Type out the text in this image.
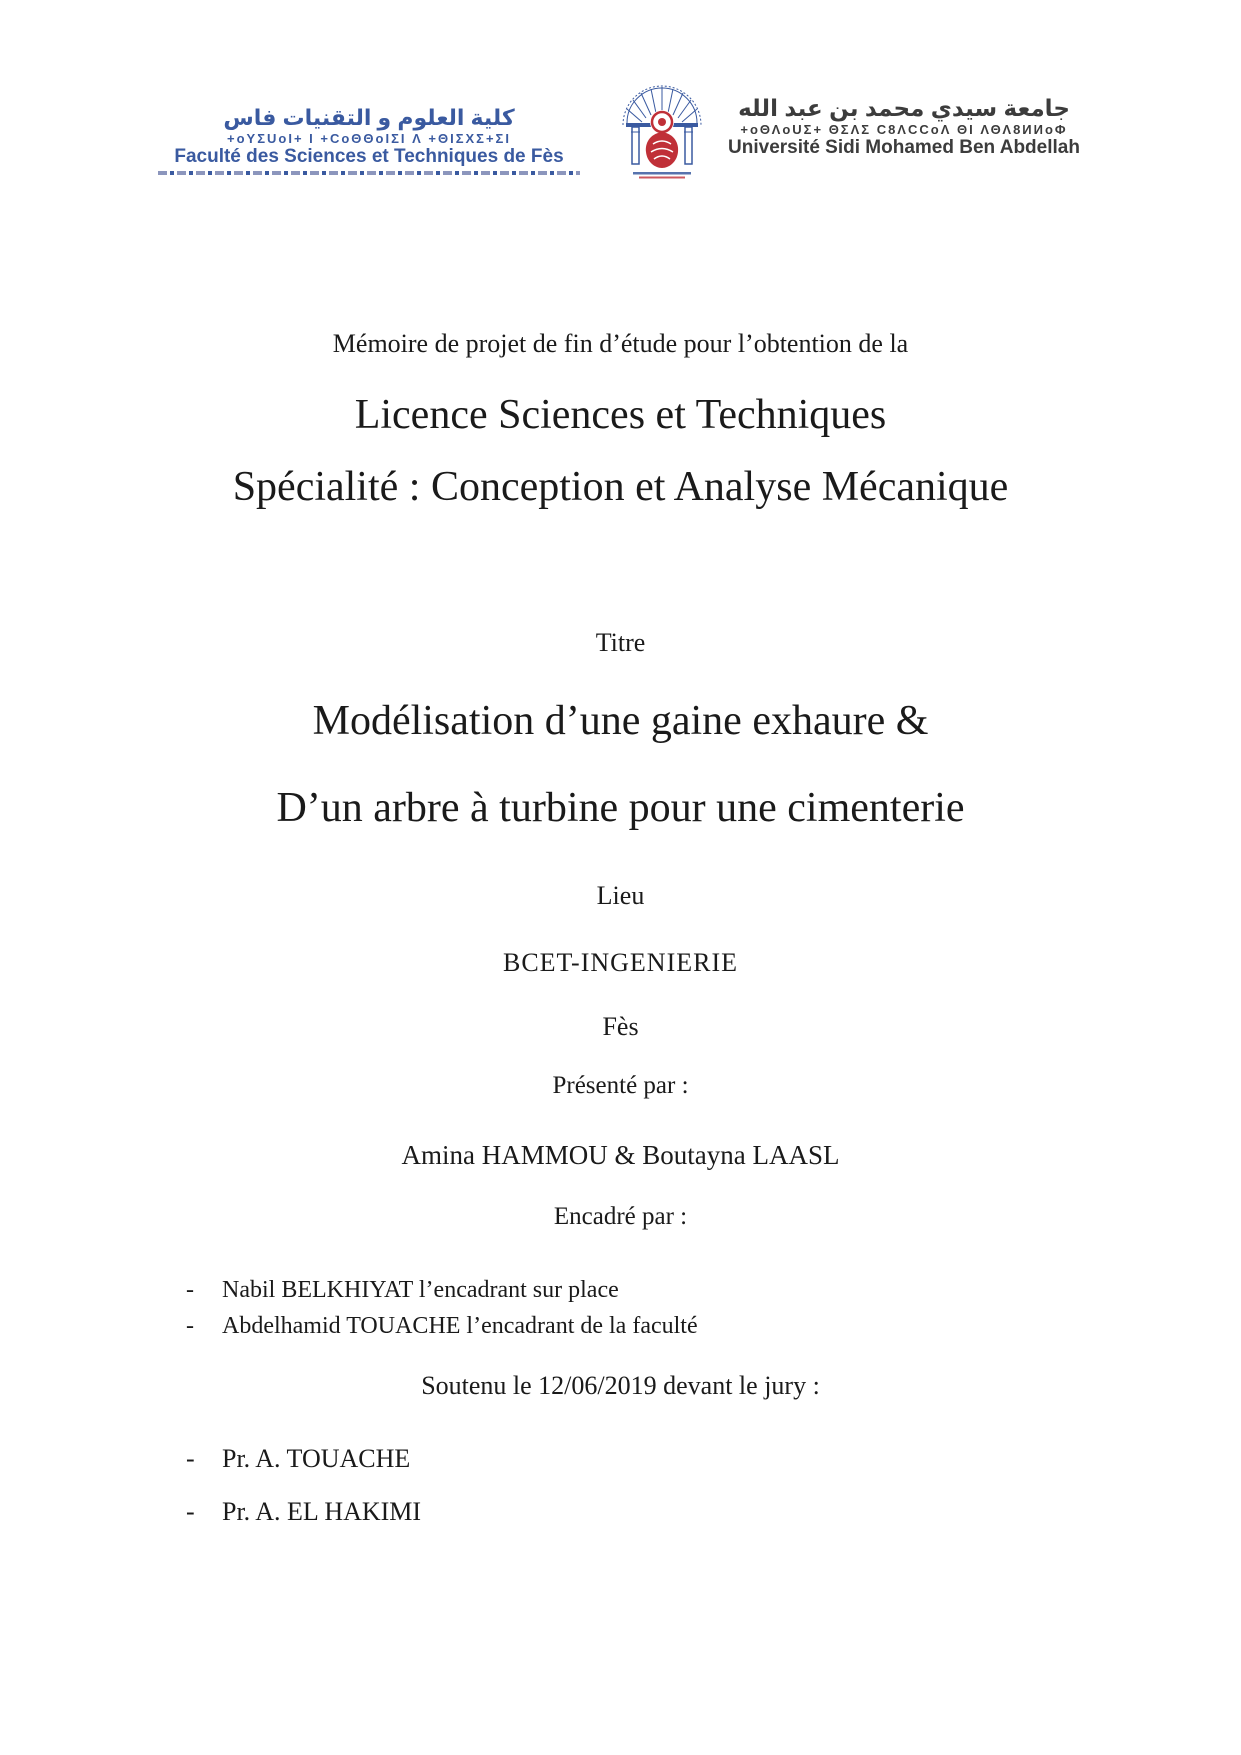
كلية العلوم و التقنيات فاس
+oYΣUoI+ I +CoΘΘoIΣI Λ +ΘIΣXΣ+ΣI
Faculté des Sciences et Techniques de Fès
جامعة سيدي محمد بن عبد الله
+oΘΛoUΣ+ ΘΣΛΣ C8ΛCCoΛ ΘI ΛΘΛ8ИИoΦ
Université Sidi Mohamed Ben Abdellah
Mémoire de projet de fin d’étude pour l’obtention de la
Licence Sciences et Techniques
Spécialité : Conception et Analyse Mécanique
Titre
Modélisation d’une gaine exhaure &
D’un arbre à turbine pour une cimenterie
Lieu
BCET-INGENIERIE
Fès
Présenté par :
Amina HAMMOU & Boutayna LAASL
Encadré par :
-	Nabil BELKHIYAT l’encadrant sur place
-	Abdelhamid TOUACHE l’encadrant de la faculté
Soutenu le 12/06/2019 devant le jury :
-	Pr. A. TOUACHE
-	Pr. A. EL HAKIMI
